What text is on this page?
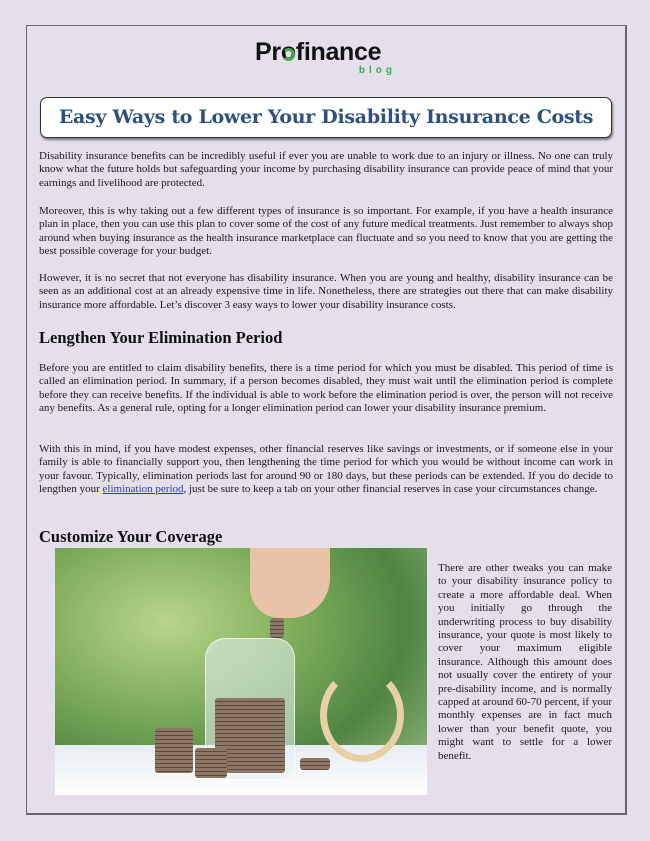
Profinance
blog
Easy Ways to Lower Your Disability Insurance Costs

Disability insurance benefits can be incredibly useful if ever you are unable to work due to an injury or illness. No one can truly know what the future holds but safeguarding your income by purchasing disability insurance can provide peace of mind that your earnings and livelihood are protected.

Moreover, this is why taking out a few different types of insurance is so important. For example, if you have a health insurance plan in place, then you can use this plan to cover some of the cost of any future medical treatments. Just remember to always shop around when buying insurance as the health insurance marketplace can fluctuate and so you need to know that you are getting the best possible coverage for your budget.

However, it is no secret that not everyone has disability insurance. When you are young and healthy, disability insurance can be seen as an additional cost at an already expensive time in life. Nonetheless, there are strategies out there that can make disability insurance more affordable. Let’s discover 3 easy ways to lower your disability insurance costs.

Lengthen Your Elimination Period

Before you are entitled to claim disability benefits, there is a time period for which you must be disabled. This period of time is called an elimination period. In summary, if a person becomes disabled, they must wait until the elimination period is complete before they can receive benefits. If the individual is able to work before the elimination period is over, the person will not receive any benefits. As a general rule, opting for a longer elimination period can lower your disability insurance premium.

With this in mind, if you have modest expenses, other financial reserves like savings or investments, or if someone else in your family is able to financially support you, then lengthening the time period for which you would be without income can work in your favour. Typically, elimination periods last for around 90 or 180 days, but these periods can be extended. If you do decide to lengthen your elimination period, just be sure to keep a tab on your other financial reserves in case your circumstances change.

Customize Your Coverage
There are other tweaks you can make to your disability insurance policy to create a more affordable deal. When you initially go through the underwriting process to buy disability insurance, your quote is most likely to cover your maximum eligible insurance. Although this amount does not usually cover the entirety of your pre-disability income, and is normally capped at around 60-70 percent, if your monthly expenses are in fact much lower than your benefit quote, you might want to settle for a lower benefit.
